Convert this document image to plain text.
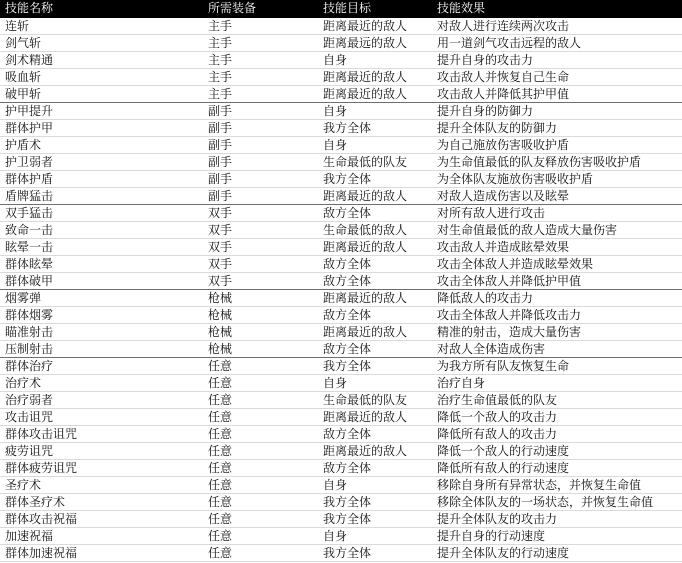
技能名称	所需装备	技能目标	技能效果
连斩	主手	距离最近的敌人	对敌人进行连续两次攻击
剑气斩	主手	距离最远的敌人	用一道剑气攻击远程的敌人
剑术精通	主手	自身	提升自身的攻击力
吸血斩	主手	距离最近的敌人	攻击敌人并恢复自己生命
破甲斩	主手	距离最近的敌人	攻击敌人并降低其护甲值
护甲提升	副手	自身	提升自身的防御力
群体护甲	副手	我方全体	提升全体队友的防御力
护盾术	副手	自身	为自己施放伤害吸收护盾
护卫弱者	副手	生命最低的队友	为生命值最低的队友释放伤害吸收护盾
群体护盾	副手	我方全体	为全体队友施放伤害吸收护盾
盾牌猛击	副手	距离最近的敌人	对敌人造成伤害以及眩晕
双手猛击	双手	敌方全体	对所有敌人进行攻击
致命一击	双手	生命最低的敌人	对生命值最低的敌人造成大量伤害
眩晕一击	双手	距离最近的敌人	攻击敌人并造成眩晕效果
群体眩晕	双手	敌方全体	攻击全体敌人并造成眩晕效果
群体破甲	双手	敌方全体	攻击全体敌人并降低护甲值
烟雾弹	枪械	距离最近的敌人	降低敌人的攻击力
群体烟雾	枪械	敌方全体	攻击全体敌人并降低攻击力
瞄准射击	枪械	距离最近的敌人	精准的射击，造成大量伤害
压制射击	枪械	敌方全体	对敌人全体造成伤害
群体治疗	任意	我方全体	为我方所有队友恢复生命
治疗术	任意	自身	治疗自身
治疗弱者	任意	生命最低的队友	治疗生命值最低的队友
攻击诅咒	任意	距离最近的敌人	降低一个敌人的攻击力
群体攻击诅咒	任意	敌方全体	降低所有敌人的攻击力
疲劳诅咒	任意	距离最近的敌人	降低一个敌人的行动速度
群体疲劳诅咒	任意	敌方全体	降低所有敌人的行动速度
圣疗术	任意	自身	移除自身所有异常状态，并恢复生命值
群体圣疗术	任意	我方全体	移除全体队友的一场状态，并恢复生命值
群体攻击祝福	任意	我方全体	提升全体队友的攻击力
加速祝福	任意	自身	提升自身的行动速度
群体加速祝福	任意	我方全体	提升全体队友的行动速度
